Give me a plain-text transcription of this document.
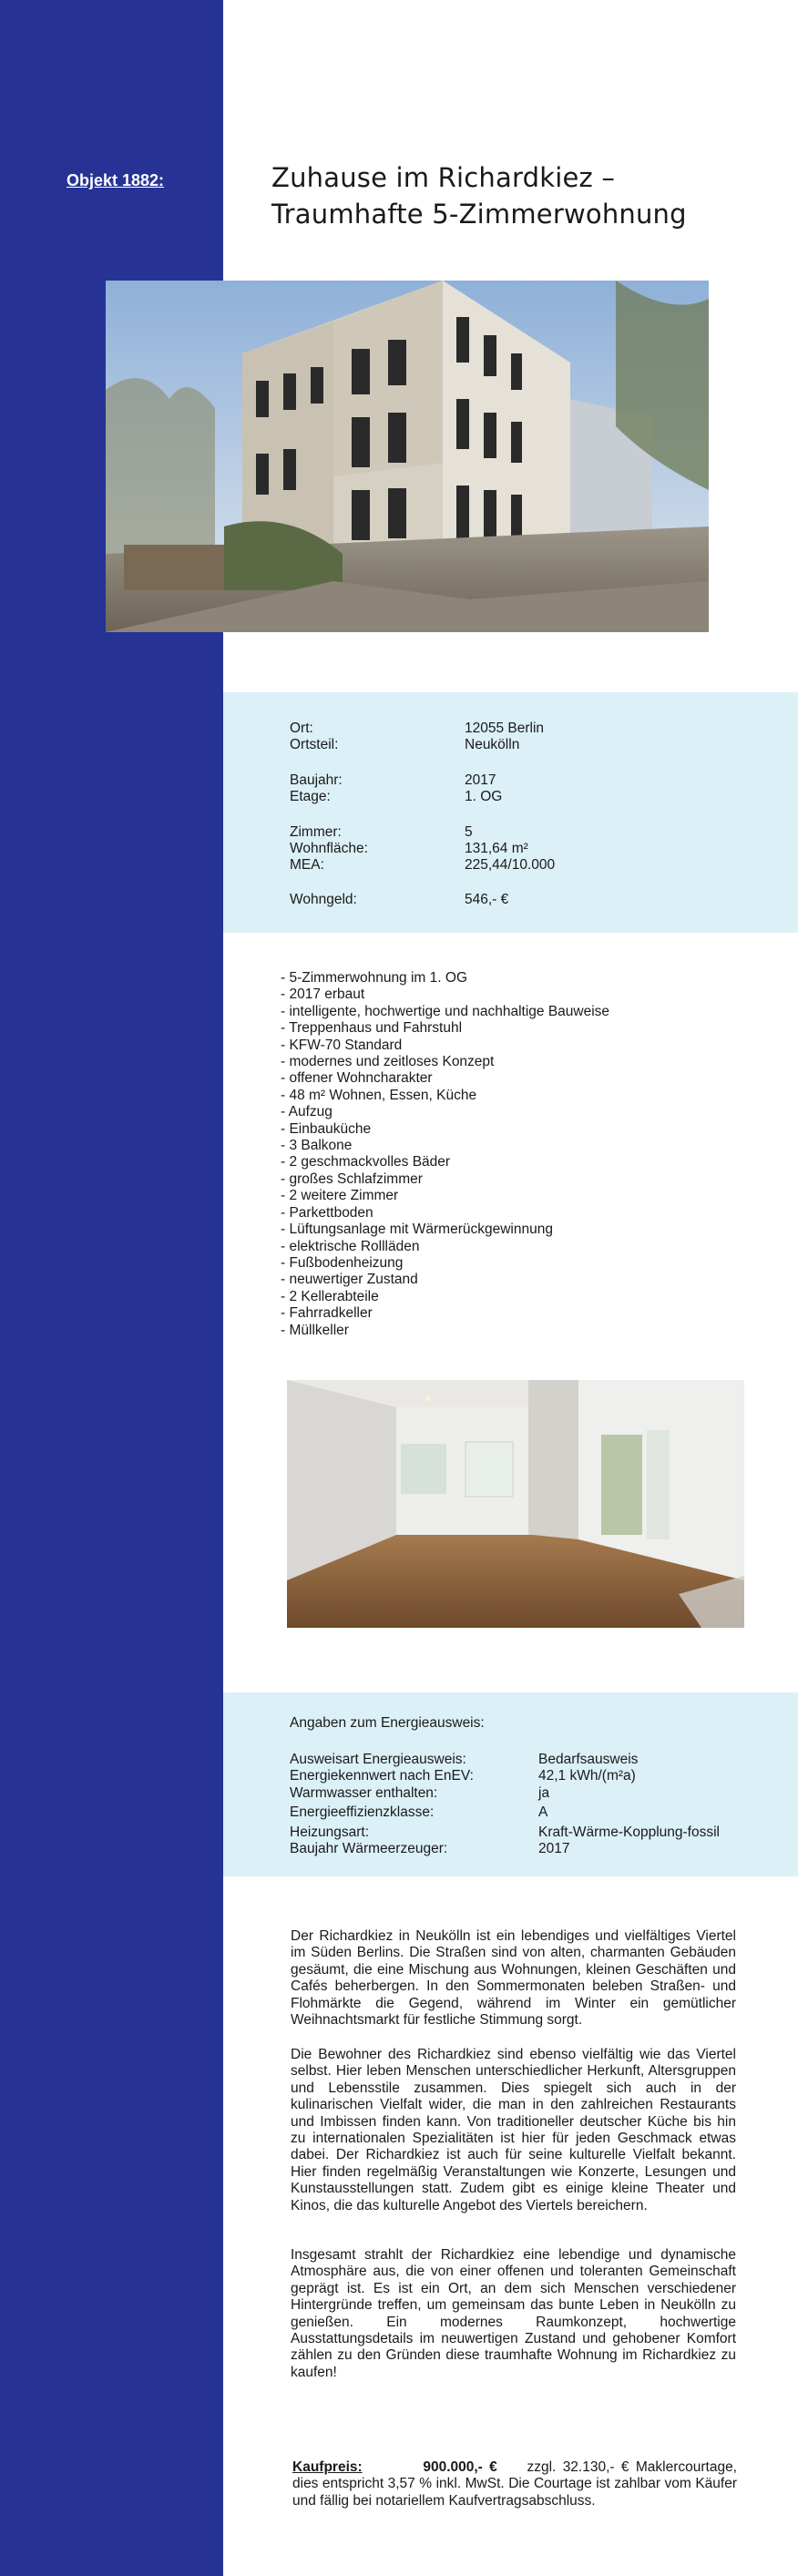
Objekt 1882:	Zuhause im Richardkiez –
Traumhafte 5-Zimmerwohnung
Ort:	12055 Berlin
Ortsteil:	Neukölln
Baujahr:	2017
Etage:	1. OG
Zimmer:	5
Wohnfläche:	131,64 m²
MEA:	225,44/10.000
Wohngeld:	546,- €
- 5-Zimmerwohnung im 1. OG
- 2017 erbaut
- intelligente, hochwertige und nachhaltige Bauweise
- Treppenhaus und Fahrstuhl
- KFW-70 Standard
- modernes und zeitloses Konzept
- offener Wohncharakter
- 48 m² Wohnen, Essen, Küche
- Aufzug
- Einbauküche
- 3 Balkone
- 2 geschmackvolles Bäder
- großes Schlafzimmer
- 2 weitere Zimmer
- Parkettboden
- Lüftungsanlage mit Wärmerückgewinnung
- elektrische Rollläden
- Fußbodenheizung
- neuwertiger Zustand
- 2 Kellerabteile
- Fahrradkeller
- Müllkeller
Angaben zum Energieausweis:
Ausweisart Energieausweis:	Bedarfsausweis
Energiekennwert nach EnEV:	42,1 kWh/(m²a)
Warmwasser enthalten:	ja
Energieeffizienzklasse:	A
Heizungsart:	Kraft-Wärme-Kopplung-fossil
Baujahr Wärmeerzeuger:	2017
Der Richardkiez in Neukölln ist ein lebendiges und vielfältiges Viertel im Süden Berlins. Die Straßen sind von alten, charmanten Gebäuden gesäumt, die eine Mischung aus Wohnungen, kleinen Geschäften und Cafés beherbergen. In den Sommermonaten beleben Straßen- und Flohmärkte die Gegend, während im Winter ein gemütlicher Weihnachtsmarkt für festliche Stimmung sorgt.
Die Bewohner des Richardkiez sind ebenso vielfältig wie das Viertel selbst. Hier leben Menschen unterschiedlicher Herkunft, Altersgruppen und Lebensstile zusammen. Dies spiegelt sich auch in der kulinarischen Vielfalt wider, die man in den zahlreichen Restaurants und Imbissen finden kann. Von traditioneller deutscher Küche bis hin zu internationalen Spezialitäten ist hier für jeden Geschmack etwas dabei. Der Richardkiez ist auch für seine kulturelle Vielfalt bekannt. Hier finden regelmäßig Veranstaltungen wie Konzerte, Lesungen und Kunstausstellungen statt. Zudem gibt es einige kleine Theater und Kinos, die das kulturelle Angebot des Viertels bereichern.
Insgesamt strahlt der Richardkiez eine lebendige und dynamische Atmosphäre aus, die von einer offenen und toleranten Gemeinschaft geprägt ist. Es ist ein Ort, an dem sich Menschen verschiedener Hintergründe treffen, um gemeinsam das bunte Leben in Neukölln zu genießen. Ein modernes Raumkonzept, hochwertige Ausstattungsdetails im neuwertigen Zustand und gehobener Komfort zählen zu den Gründen diese traumhafte Wohnung im Richardkiez zu kaufen!
Kaufpreis:	900.000,- € zzgl. 32.130,- € Maklercourtage, dies entspricht 3,57 % inkl. MwSt. Die Courtage ist zahlbar vom Käufer und fällig bei notariellem Kaufvertragsabschluss.
